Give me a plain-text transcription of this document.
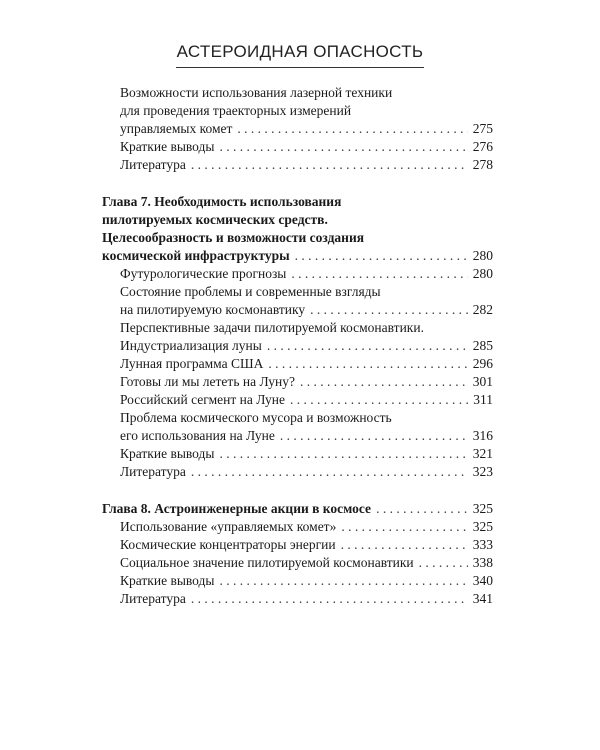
АСТЕРОИДНАЯ ОПАСНОСТЬ
Возможности использования лазерной техники
для проведения траекторных измерений
управляемых комет . . .	275
Краткие выводы . . .	276
Литература . . .	278
Глава 7. Необходимость использования
пилотируемых космических средств.
Целесообразность и возможности создания
космической инфраструктуры . . .	280
Футурологические прогнозы . . .	280
Состояние проблемы и современные взгляды
на пилотируемую космонавтику . . .	282
Перспективные задачи пилотируемой космонавтики.
Индустриализация луны . . .	285
Лунная программа США . . .	296
Готовы ли мы лететь на Луну? . . .	301
Российский сегмент на Луне . . .	311
Проблема космического мусора и возможность
его использования на Луне . . .	316
Краткие выводы . . .	321
Литература . . .	323
Глава 8. Астроинженерные акции в космосе . . .	325
Использование «управляемых комет» . . .	325
Космические концентраторы энергии . . .	333
Социальное значение пилотируемой космонавтики . . .	338
Краткие выводы . . .	340
Литература . . .	341
